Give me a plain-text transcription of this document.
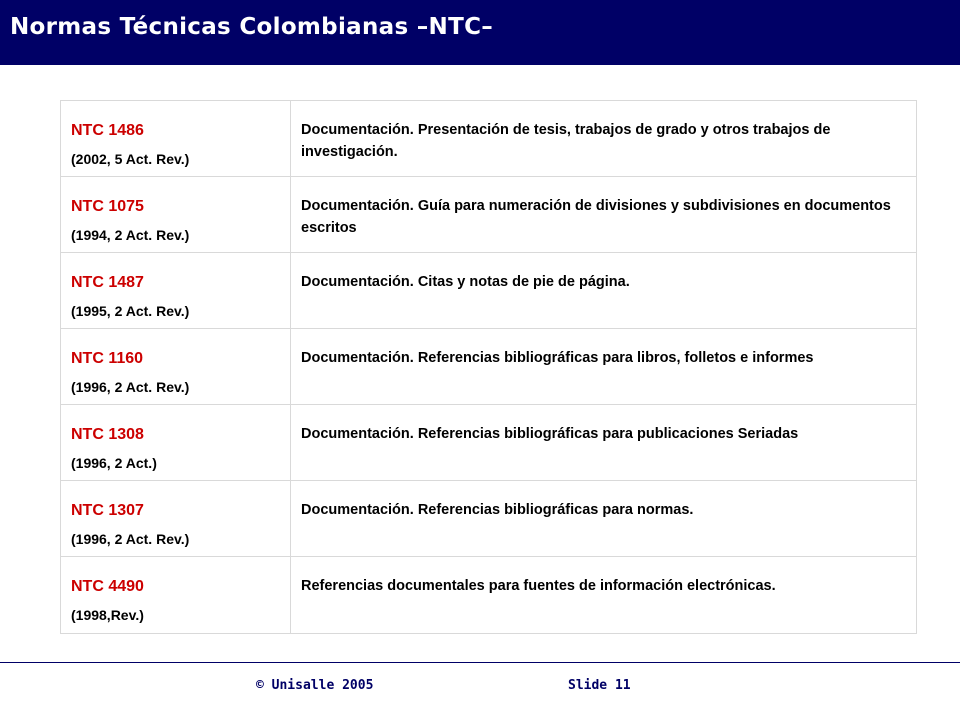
Normas Técnicas Colombianas –NTC–
NTC 1486
(2002, 5 Act. Rev.)	Documentación. Presentación de tesis, trabajos de grado y otros trabajos de investigación.

NTC 1075
(1994, 2 Act. Rev.)	Documentación. Guía para numeración de divisiones y subdivisiones en documentos escritos

NTC 1487
(1995, 2 Act. Rev.)	Documentación. Citas y notas de pie de página.

NTC 1160
(1996, 2 Act. Rev.)	Documentación. Referencias bibliográficas para libros, folletos e informes

NTC 1308
(1996, 2 Act.)	Documentación. Referencias bibliográficas para publicaciones Seriadas

NTC 1307
(1996, 2 Act. Rev.)	Documentación. Referencias bibliográficas para normas.

NTC 4490
(1998,Rev.)	Referencias documentales para fuentes de información electrónicas.
© Unisalle 2005	Slide 11
